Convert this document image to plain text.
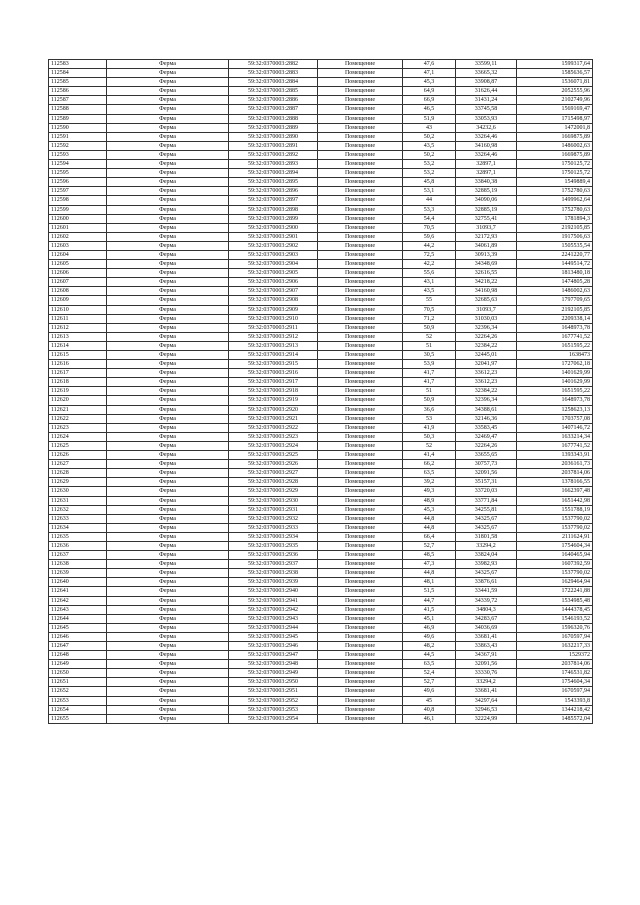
112583	Ферма	59:32:0370003:2882	Помещение	47,6	33599,11	1599317,64
112584	Ферма	59:32:0370003:2883	Помещение	47,1	33665,32	1585636,57
112585	Ферма	59:32:0370003:2884	Помещение	45,3	33908,87	1536071,81
112586	Ферма	59:32:0370003:2885	Помещение	64,9	31626,44	2052555,96
112587	Ферма	59:32:0370003:2886	Помещение	66,9	31431,24	2102749,96
112588	Ферма	59:32:0370003:2887	Помещение	46,5	33745,58	1569169,47
112589	Ферма	59:32:0370003:2888	Помещение	51,9	33053,93	1715498,97
112590	Ферма	59:32:0370003:2889	Помещение	43	34232,6	1472001,8
112591	Ферма	59:32:0370003:2890	Помещение	50,2	33264,46	1669875,89
112592	Ферма	59:32:0370003:2891	Помещение	43,5	34160,98	1486002,63
112593	Ферма	59:32:0370003:2892	Помещение	50,2	33264,46	1669875,89
112594	Ферма	59:32:0370003:2893	Помещение	53,2	32897,1	1750125,72
112595	Ферма	59:32:0370003:2894	Помещение	53,2	32897,1	1750125,72
112596	Ферма	59:32:0370003:2895	Помещение	45,8	33840,38	1549889,4
112597	Ферма	59:32:0370003:2896	Помещение	53,1	32885,19	1752780,63
112598	Ферма	59:32:0370003:2897	Помещение	44	34090,06	1499962,64
112599	Ферма	59:32:0370003:2898	Помещение	53,3	32885,19	1752780,63
112600	Ферма	59:32:0370003:2899	Помещение	54,4	32755,41	1781894,3
112601	Ферма	59:32:0370003:2900	Помещение	70,5	31093,7	2192105,85
112602	Ферма	59:32:0370003:2901	Помещение	59,6	32172,93	1917506,63
112603	Ферма	59:32:0370003:2902	Помещение	44,2	34061,89	1505535,54
112604	Ферма	59:32:0370003:2903	Помещение	72,5	30913,39	2241220,77
112605	Ферма	59:32:0370003:2904	Помещение	42,2	34348,69	1449514,72
112606	Ферма	59:32:0370003:2905	Помещение	55,6	32616,55	1813480,18
112607	Ферма	59:32:0370003:2906	Помещение	43,1	34218,22	1474805,28
112608	Ферма	59:32:0370003:2907	Помещение	43,5	34160,98	1486002,63
112609	Ферма	59:32:0370003:2908	Помещение	55	32685,63	1797709,65
112610	Ферма	59:32:0370003:2909	Помещение	70,5	31093,7	2192105,85
112611	Ферма	59:32:0370003:2910	Помещение	71,2	31030,03	2209338,14
112612	Ферма	59:32:0370003:2911	Помещение	50,9	32396,34	1648973,78
112613	Ферма	59:32:0370003:2912	Помещение	52	32264,26	1677741,52
112614	Ферма	59:32:0370003:2913	Помещение	51	32384,22	1651595,22
112615	Ферма	59:32:0370003:2914	Помещение	30,5	32445,01	1638473
112616	Ферма	59:32:0370003:2915	Помещение	53,9	32041,97	1727062,18
112617	Ферма	59:32:0370003:2916	Помещение	41,7	33612,23	1401629,99
112618	Ферма	59:32:0370003:2917	Помещение	41,7	33612,23	1401629,99
112619	Ферма	59:32:0370003:2918	Помещение	51	32384,22	1651595,22
112620	Ферма	59:32:0370003:2919	Помещение	50,9	32396,34	1648973,78
112621	Ферма	59:32:0370003:2920	Помещение	36,6	34388,61	1258623,13
112622	Ферма	59:32:0370003:2921	Помещение	53	32146,36	1703757,08
112623	Ферма	59:32:0370003:2922	Помещение	41,9	33583,45	1407146,72
112624	Ферма	59:32:0370003:2923	Помещение	50,3	32469,47	1633214,34
112625	Ферма	59:32:0370003:2924	Помещение	52	32264,26	1677741,52
112626	Ферма	59:32:0370003:2925	Помещение	41,4	33655,65	1393343,91
112627	Ферма	59:32:0370003:2926	Помещение	66,2	30757,73	2036161,73
112628	Ферма	59:32:0370003:2927	Помещение	63,5	32091,56	2037814,06
112629	Ферма	59:32:0370003:2928	Помещение	39,2	35157,31	1378166,55
112630	Ферма	59:32:0370003:2929	Помещение	49,3	33720,03	1662397,48
112631	Ферма	59:32:0370003:2930	Помещение	48,9	33771,84	1651442,98
112632	Ферма	59:32:0370003:2931	Помещение	45,3	34255,81	1551788,19
112633	Ферма	59:32:0370003:2932	Помещение	44,8	34325,67	1537790,02
112634	Ферма	59:32:0370003:2933	Помещение	44,8	34325,67	1537790,02
112635	Ферма	59:32:0370003:2934	Помещение	66,4	31801,58	2111624,91
112636	Ферма	59:32:0370003:2935	Помещение	52,7	33294,2	1754604,34
112637	Ферма	59:32:0370003:2936	Помещение	48,5	33824,04	1640465,94
112638	Ферма	59:32:0370003:2937	Помещение	47,3	33982,93	1607392,59
112639	Ферма	59:32:0370003:2938	Помещение	44,8	34325,67	1537790,02
112640	Ферма	59:32:0370003:2939	Помещение	48,1	33876,61	1629464,94
112641	Ферма	59:32:0370003:2940	Помещение	51,5	33441,59	1722241,88
112642	Ферма	59:32:0370003:2941	Помещение	44,7	34339,72	1534985,48
112643	Ферма	59:32:0370003:2942	Помещение	41,5	34804,3	1444378,45
112644	Ферма	59:32:0370003:2943	Помещение	45,1	34283,67	1546193,52
112645	Ферма	59:32:0370003:2944	Помещение	46,9	34036,69	1596320,76
112646	Ферма	59:32:0370003:2945	Помещение	49,6	33681,41	1670597,94
112647	Ферма	59:32:0370003:2946	Помещение	48,2	33863,43	1632217,33
112648	Ферма	59:32:0370003:2947	Помещение	44,5	34367,91	1529372
112649	Ферма	59:32:0370003:2948	Помещение	63,5	32091,56	2037814,06
112650	Ферма	59:32:0370003:2949	Помещение	52,4	33330,76	1746531,82
112651	Ферма	59:32:0370003:2950	Помещение	52,7	33294,2	1754604,34
112652	Ферма	59:32:0370003:2951	Помещение	49,6	33681,41	1670597,94
112653	Ферма	59:32:0370003:2952	Помещение	45	34297,64	1543393,8
112654	Ферма	59:32:0370003:2953	Помещение	40,8	32946,53	1344218,42
112655	Ферма	59:32:0370003:2954	Помещение	46,1	32224,99	1485572,04
